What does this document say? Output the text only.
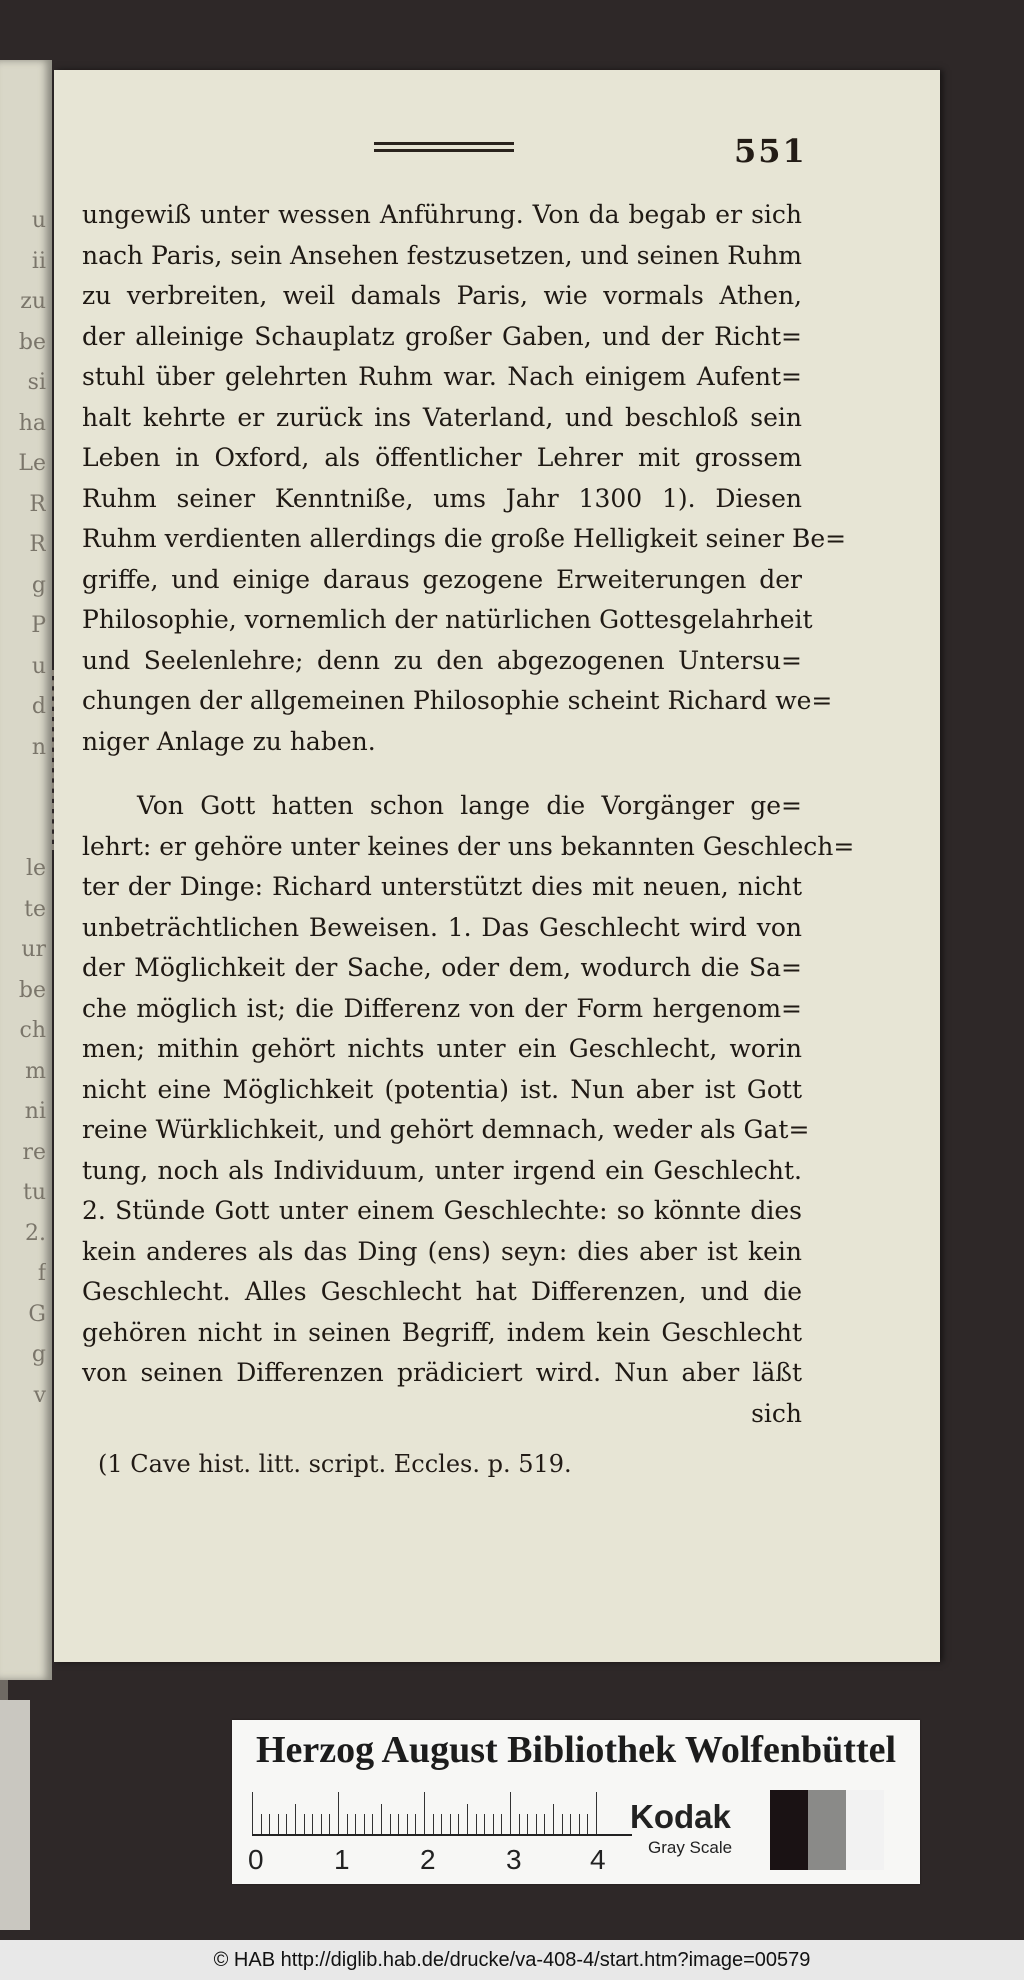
u
ii
zu
be
si
ha
Le
R
R
g
P
u
d
n
le
te
ur
be
ch
m
ni
re
tu
2.
f
G
g
v
551

ungewiß unter wessen Anführung. Von da begab er sich
nach Paris, sein Ansehen festzusetzen, und seinen Ruhm
zu verbreiten, weil damals Paris, wie vormals Athen,
der alleinige Schauplatz großer Gaben, und der Richt=
stuhl über gelehrten Ruhm war. Nach einigem Aufent=
halt kehrte er zurück ins Vaterland, und beschloß sein
Leben in Oxford, als öffentlicher Lehrer mit grossem
Ruhm seiner Kenntniße, ums Jahr 1300 1). Diesen
Ruhm verdienten allerdings die große Helligkeit seiner Be=
griffe, und einige daraus gezogene Erweiterungen der
Philosophie, vornemlich der natürlichen Gottesgelahrheit
und Seelenlehre; denn zu den abgezogenen Untersu=
chungen der allgemeinen Philosophie scheint Richard we=
niger Anlage zu haben.

Von Gott hatten schon lange die Vorgänger ge=
lehrt: er gehöre unter keines der uns bekannten Geschlech=
ter der Dinge: Richard unterstützt dies mit neuen, nicht
unbeträchtlichen Beweisen. 1. Das Geschlecht wird von
der Möglichkeit der Sache, oder dem, wodurch die Sa=
che möglich ist; die Differenz von der Form hergenom=
men; mithin gehört nichts unter ein Geschlecht, worin
nicht eine Möglichkeit (potentia) ist. Nun aber ist Gott
reine Würklichkeit, und gehört demnach, weder als Gat=
tung, noch als Individuum, unter irgend ein Geschlecht.
2. Stünde Gott unter einem Geschlechte: so könnte dies
kein anderes als das Ding (ens) seyn: dies aber ist kein
Geschlecht. Alles Geschlecht hat Differenzen, und die
gehören nicht in seinen Begriff, indem kein Geschlecht
von seinen Differenzen prädiciert wird. Nun aber läßt

sich
(1 Cave hist. litt. script. Eccles. p. 519.
Herzog August Bibliothek Wolfenbüttel
0	1	2	3 4
Kodak
Gray Scale
© HAB http://diglib.hab.de/drucke/va-408-4/start.htm?image=00579
